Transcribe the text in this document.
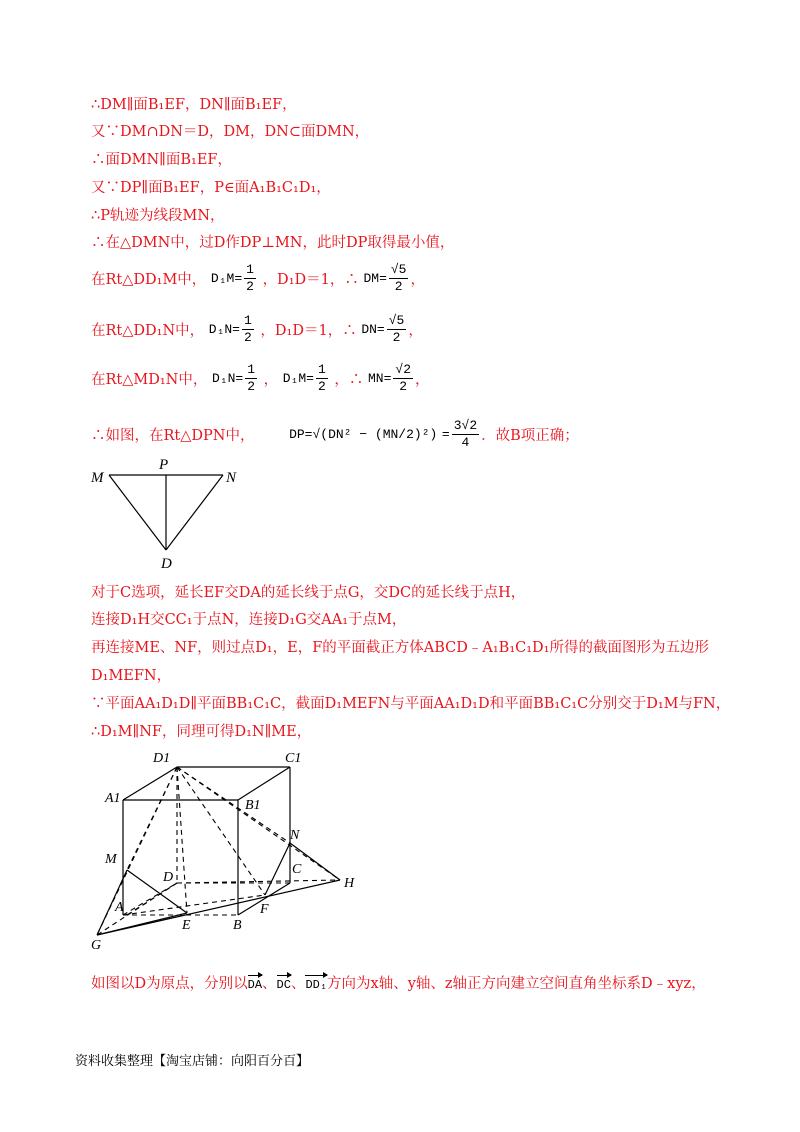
∴DM∥面B₁EF，DN∥面B₁EF，
又∵DM∩DN＝D，DM，DN⊂面DMN，
∴面DMN∥面B₁EF，
又∵DP∥面B₁EF，P∈面A₁B₁C₁D₁，
∴P轨迹为线段MN，
∴在△DMN中，过D作DP⊥MN，此时DP取得最小值，
在Rt△DD₁M中， $D_1M= \frac{1}{2}$ ，D₁D＝1，∴ $DM= \frac{√5}{2}$ ，
在Rt△DD₁N中， $D_1N= \frac{1}{2}$ ，D₁D＝1，∴ $DN= \frac{√5}{2}$ ，
在Rt△MD₁N中， $D_1N= \frac{1}{2}$ ， $D_1M= \frac{1}{2}$ ，∴ $MN= \frac{√2}{2}$ ，
∴如图，在Rt△DPN中，	$DP=√(DN^2 - (MN/2)^2) = \frac{3√2}{4}$ ．故B项正确；
M
P
N
D
对于C选项，延长EF交DA的延长线于点G，交DC的延长线于点H，
连接D₁H交CC₁于点N，连接D₁G交AA₁于点M，
再连接ME、NF，则过点D₁，E，F的平面截正方体ABCD﹣A₁B₁C₁D₁所得的截面图形为五边形
D₁MEFN，
∵平面AA₁D₁D∥平面BB₁C₁C，截面D₁MEFN与平面AA₁D₁D和平面BB₁C₁C分别交于D₁M与FN，
∴D₁M∥NF，同理可得D₁N∥ME，
D1	C1
A1	B1
N
M
D
C
H
A	F
E	B
G
如图以D为原点，分别以DA、DC、DD₁方向为x轴、y轴、z轴正方向建立空间直角坐标系D﹣xyz，
资料收集整理【淘宝店铺：向阳百分百】
